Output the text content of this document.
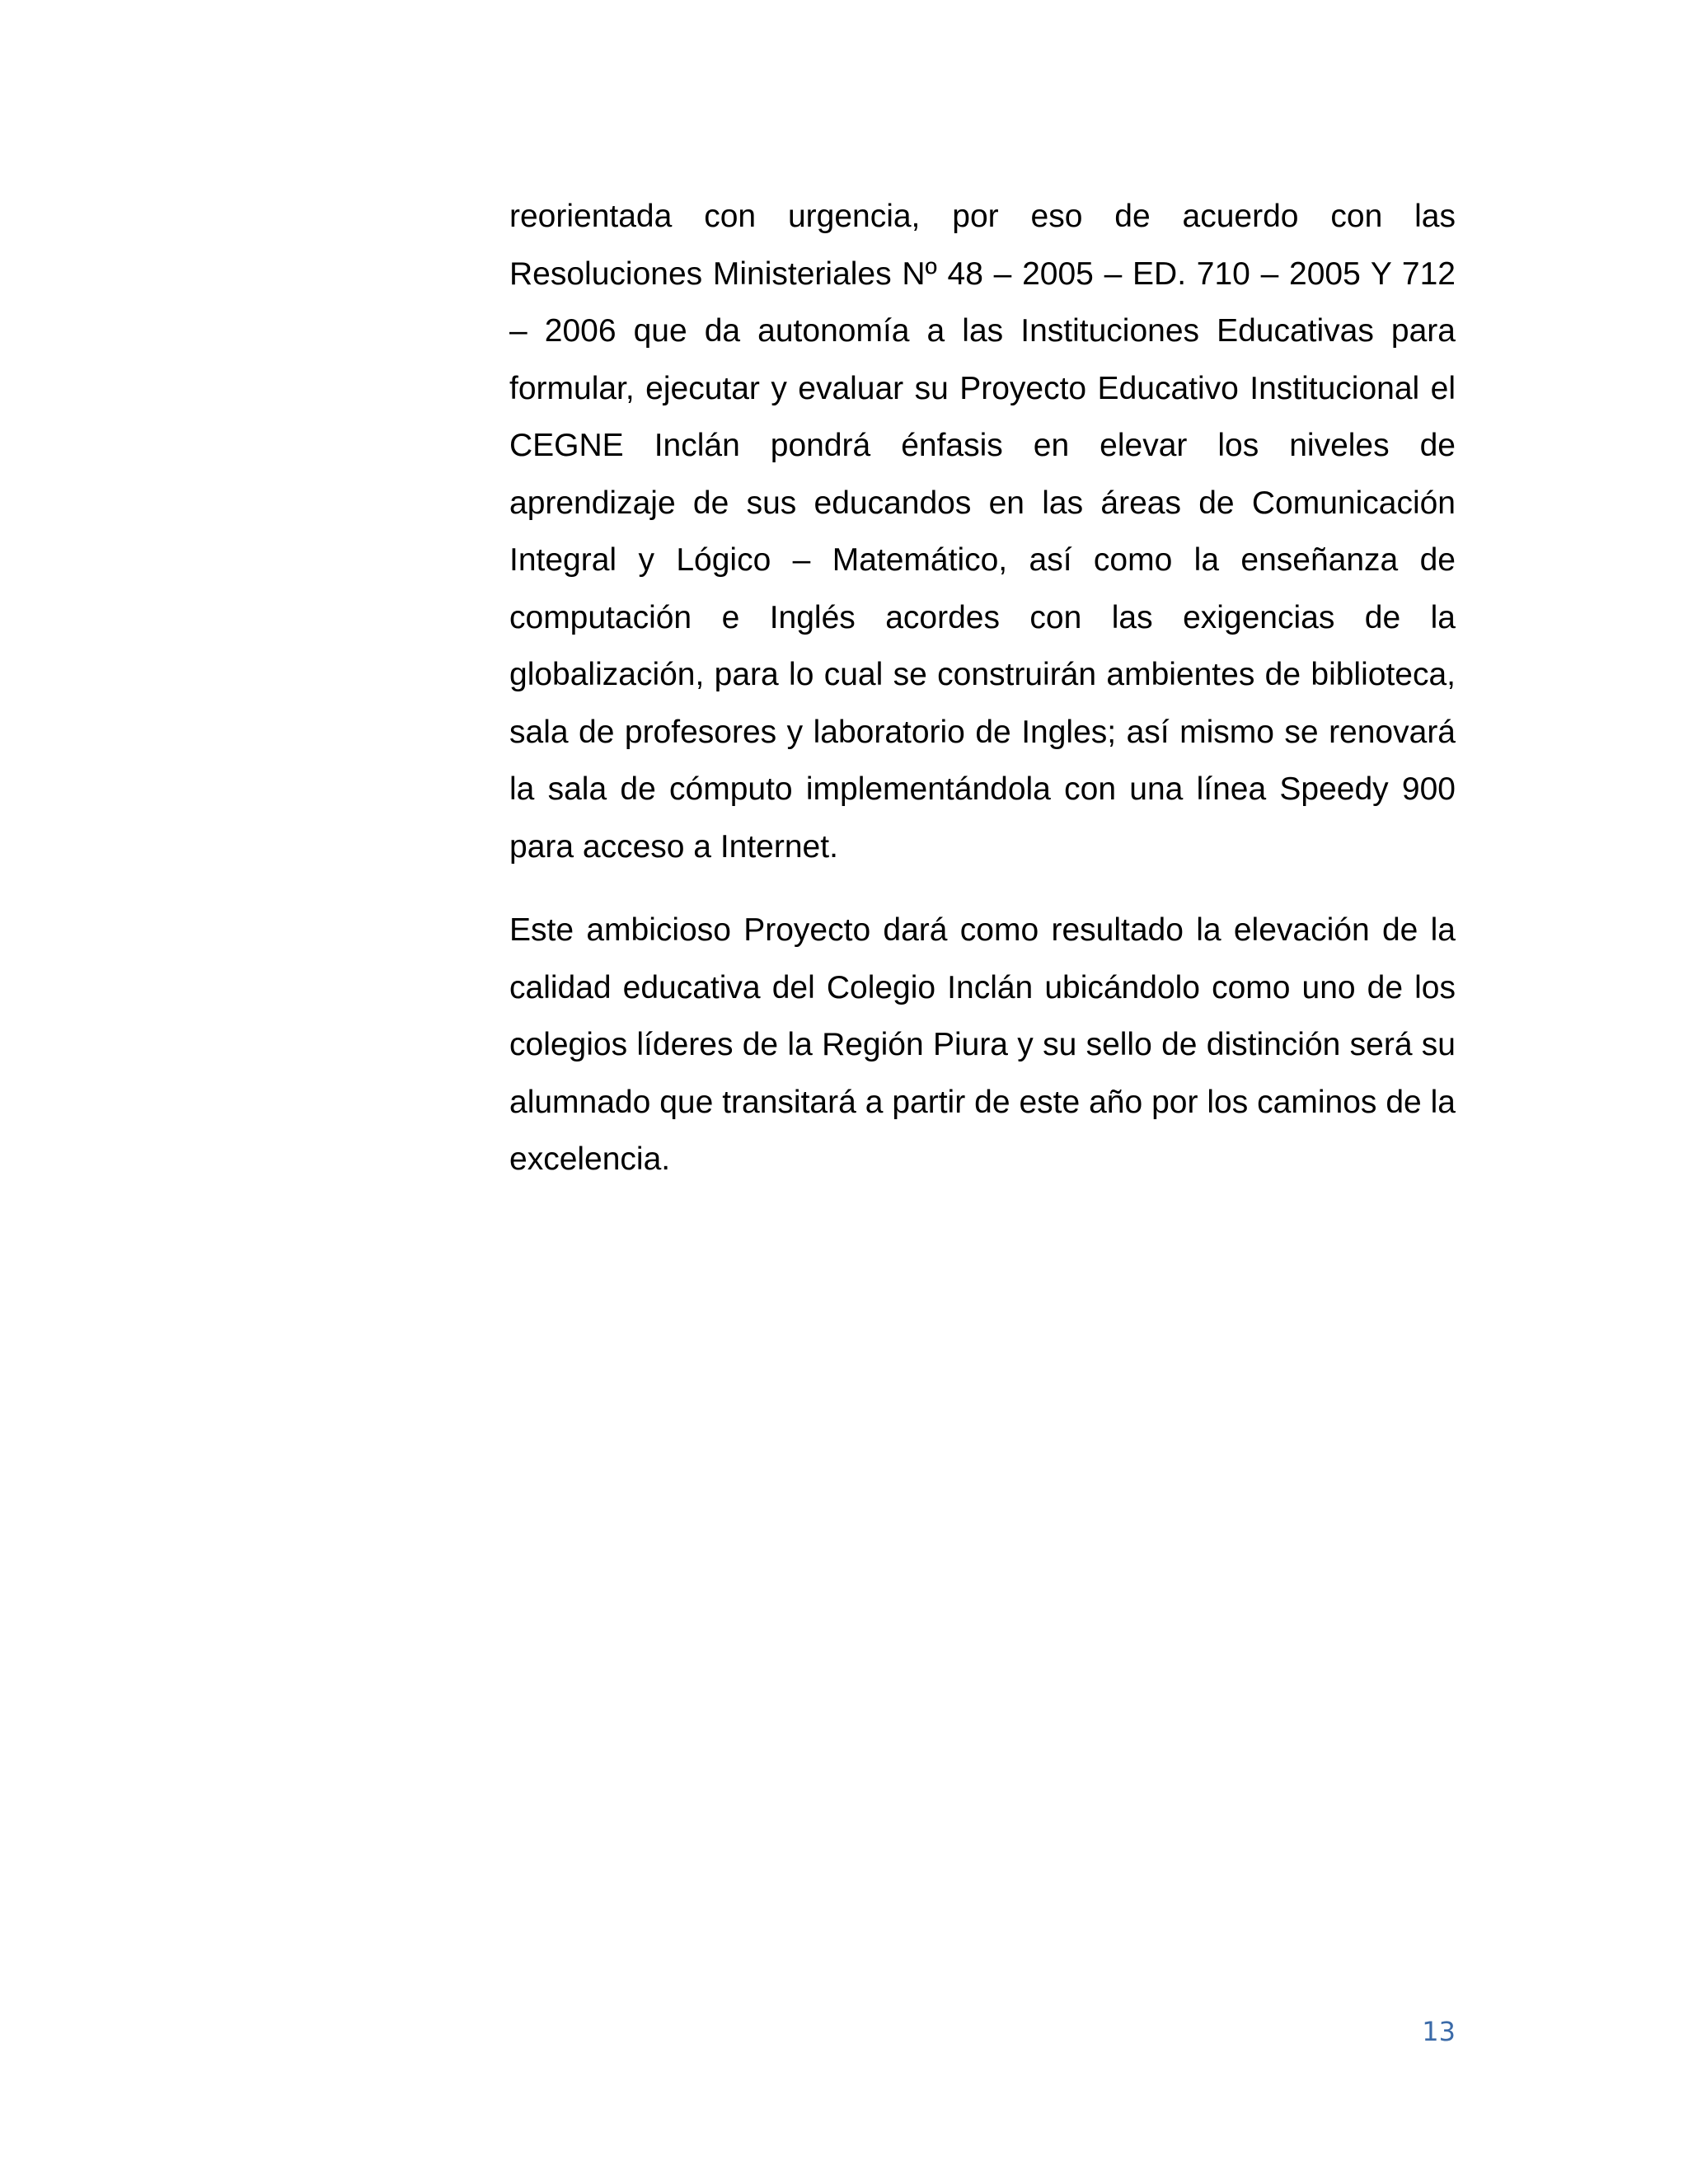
reorientada con urgencia, por eso de acuerdo con las Resoluciones Ministeriales Nº 48 – 2005 – ED. 710 – 2005 Y 712 – 2006 que da autonomía a las Instituciones Educativas para formular, ejecutar y evaluar su Proyecto Educativo Institucional el CEGNE Inclán pondrá énfasis en elevar los niveles de aprendizaje de sus educandos en las áreas de Comunicación Integral y Lógico – Matemático, así como la enseñanza de computación e Inglés acordes con las exigencias de la globalización, para lo cual se construirán ambientes de biblioteca, sala de profesores y laboratorio de Ingles; así mismo se renovará la sala de cómputo implementándola con una línea Speedy 900 para acceso a Internet.

Este ambicioso Proyecto dará como resultado la elevación de la calidad educativa del Colegio Inclán ubicándolo como uno de los colegios líderes de la Región Piura y su sello de distinción será su alumnado que transitará a partir de este año por los caminos de la excelencia.

13
